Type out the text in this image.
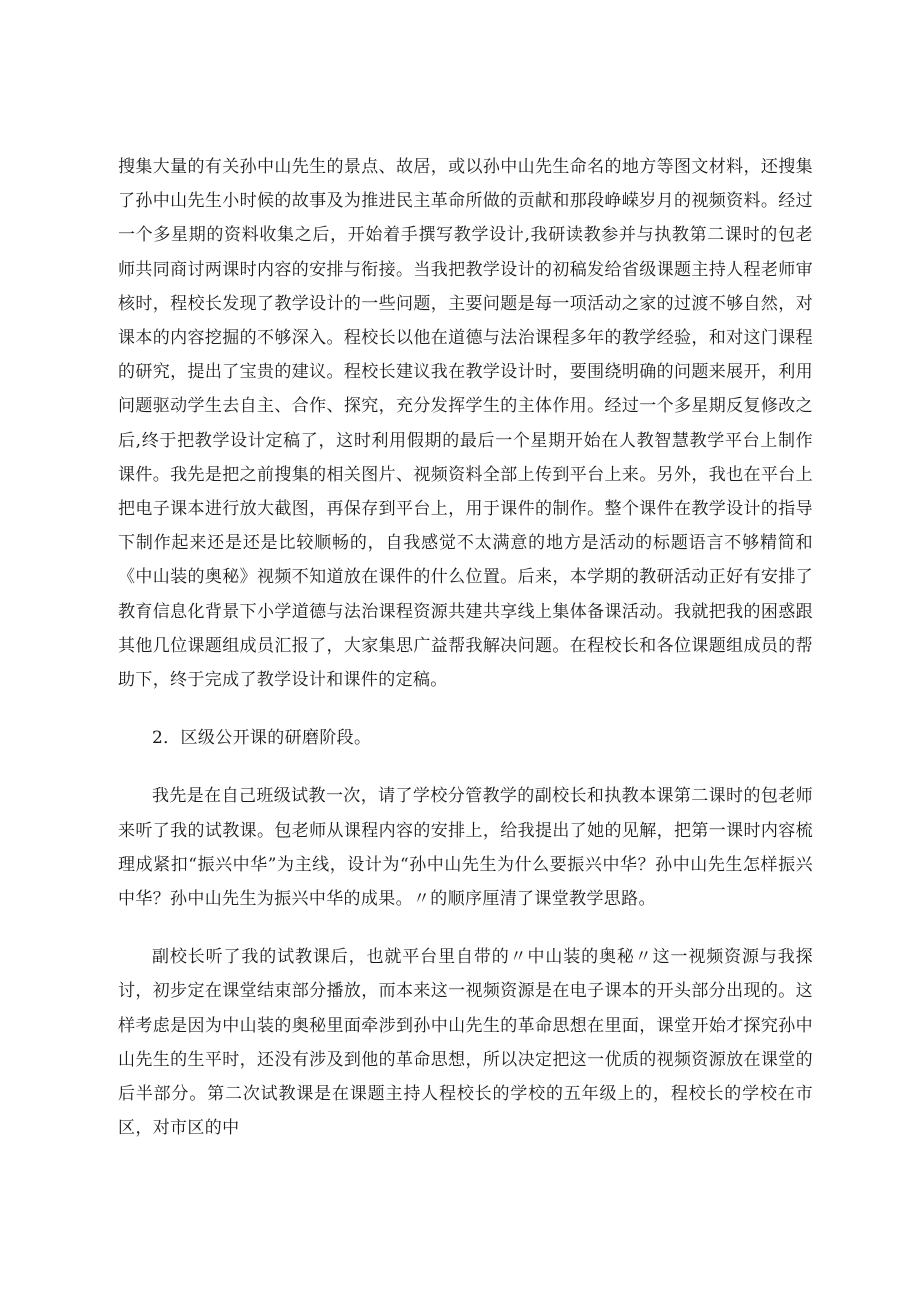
搜集大量的有关孙中山先生的景点、故居，或以孙中山先生命名的地方等图文材料，还搜集了孙中山先生小时候的故事及为推进民主革命所做的贡献和那段峥嵘岁月的视频资料。经过一个多星期的资料收集之后，开始着手撰写教学设计,我研读教参并与执教第二课时的包老师共同商讨两课时内容的安排与衔接。当我把教学设计的初稿发给省级课题主持人程老师审核时，程校长发现了教学设计的一些问题，主要问题是每一项活动之家的过渡不够自然，对课本的内容挖掘的不够深入。程校长以他在道德与法治课程多年的教学经验，和对这门课程的研究，提出了宝贵的建议。程校长建议我在教学设计时，要围绕明确的问题来展开，利用问题驱动学生去自主、合作、探究，充分发挥学生的主体作用。经过一个多星期反复修改之后,终于把教学设计定稿了，这时利用假期的最后一个星期开始在人教智慧教学平台上制作课件。我先是把之前搜集的相关图片、视频资料全部上传到平台上来。另外，我也在平台上把电子课本进行放大截图，再保存到平台上，用于课件的制作。整个课件在教学设计的指导下制作起来还是还是比较顺畅的，自我感觉不太满意的地方是活动的标题语言不够精简和《中山装的奥秘》视频不知道放在课件的什么位置。后来，本学期的教研活动正好有安排了教育信息化背景下小学道德与法治课程资源共建共享线上集体备课活动。我就把我的困惑跟其他几位课题组成员汇报了，大家集思广益帮我解决问题。在程校长和各位课题组成员的帮助下，终于完成了教学设计和课件的定稿。

2．区级公开课的研磨阶段。

我先是在自己班级试教一次，请了学校分管教学的副校长和执教本课第二课时的包老师来听了我的试教课。包老师从课程内容的安排上，给我提出了她的见解，把第一课时内容梳理成紧扣“振兴中华”为主线，设计为“孙中山先生为什么要振兴中华？孙中山先生怎样振兴中华？孙中山先生为振兴中华的成果。〃的顺序厘清了课堂教学思路。

副校长听了我的试教课后，也就平台里自带的〃中山装的奥秘〃这一视频资源与我探讨，初步定在课堂结束部分播放，而本来这一视频资源是在电子课本的开头部分出现的。这样考虑是因为中山装的奥秘里面牵涉到孙中山先生的革命思想在里面，课堂开始才探究孙中山先生的生平时，还没有涉及到他的革命思想，所以决定把这一优质的视频资源放在课堂的后半部分。第二次试教课是在课题主持人程校长的学校的五年级上的，程校长的学校在市区，对市区的中
